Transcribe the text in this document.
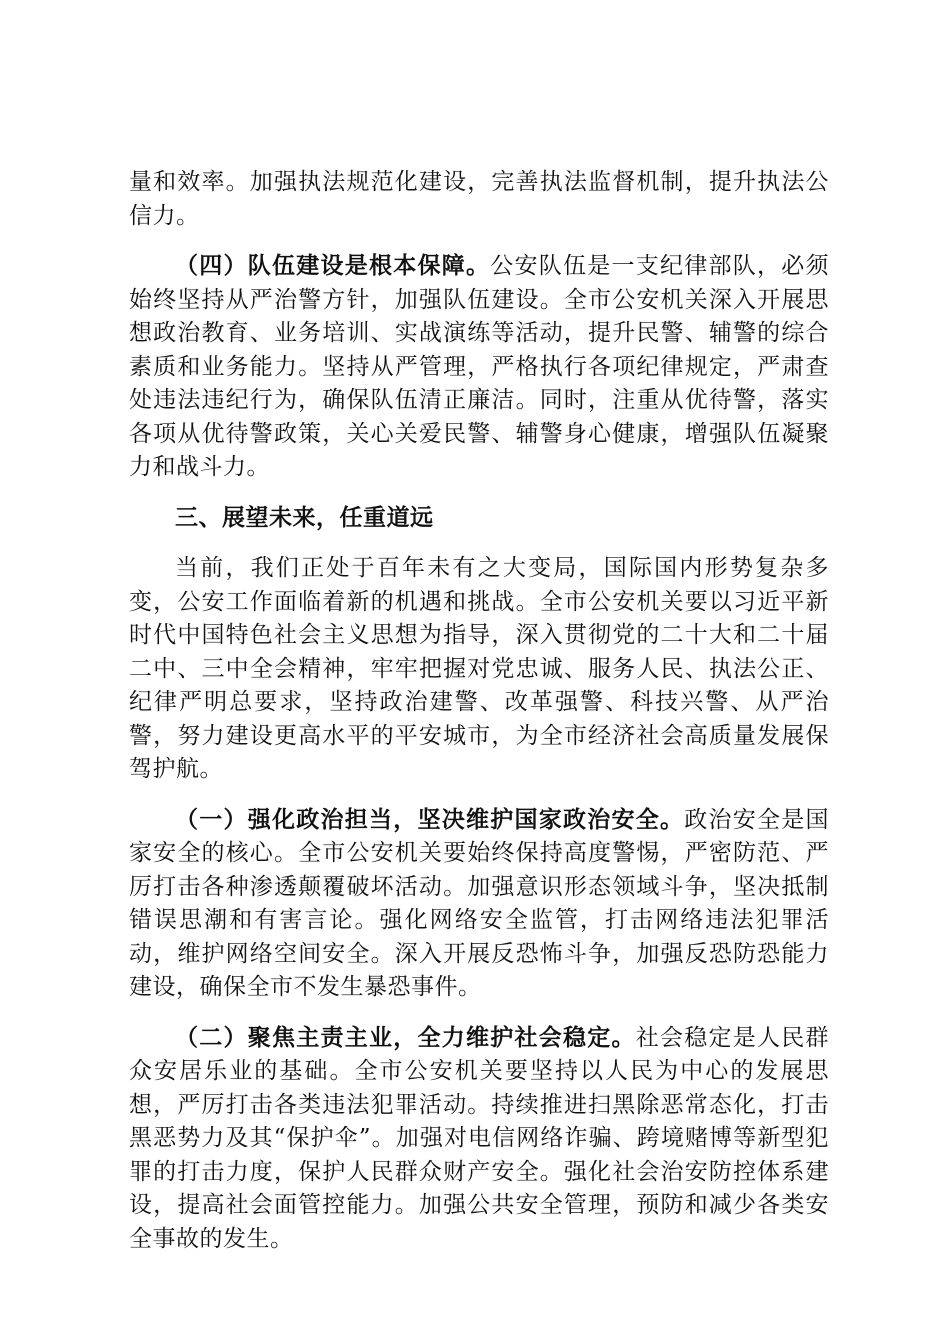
量和效率。加强执法规范化建设，完善执法监督机制，提升执法公信力。

（四）队伍建设是根本保障。公安队伍是一支纪律部队，必须始终坚持从严治警方针，加强队伍建设。全市公安机关深入开展思想政治教育、业务培训、实战演练等活动，提升民警、辅警的综合素质和业务能力。坚持从严管理，严格执行各项纪律规定，严肃查处违法违纪行为，确保队伍清正廉洁。同时，注重从优待警，落实各项从优待警政策，关心关爱民警、辅警身心健康，增强队伍凝聚力和战斗力。

三、展望未来，任重道远

当前，我们正处于百年未有之大变局，国际国内形势复杂多变，公安工作面临着新的机遇和挑战。全市公安机关要以习近平新时代中国特色社会主义思想为指导，深入贯彻党的二十大和二十届二中、三中全会精神，牢牢把握对党忠诚、服务人民、执法公正、纪律严明总要求，坚持政治建警、改革强警、科技兴警、从严治警，努力建设更高水平的平安城市，为全市经济社会高质量发展保驾护航。

（一）强化政治担当，坚决维护国家政治安全。政治安全是国家安全的核心。全市公安机关要始终保持高度警惕，严密防范、严厉打击各种渗透颠覆破坏活动。加强意识形态领域斗争，坚决抵制错误思潮和有害言论。强化网络安全监管，打击网络违法犯罪活动，维护网络空间安全。深入开展反恐怖斗争，加强反恐防恐能力建设，确保全市不发生暴恐事件。

（二）聚焦主责主业，全力维护社会稳定。社会稳定是人民群众安居乐业的基础。全市公安机关要坚持以人民为中心的发展思想，严厉打击各类违法犯罪活动。持续推进扫黑除恶常态化，打击黑恶势力及其“保护伞”。加强对电信网络诈骗、跨境赌博等新型犯罪的打击力度，保护人民群众财产安全。强化社会治安防控体系建设，提高社会面管控能力。加强公共安全管理，预防和减少各类安全事故的发生。
